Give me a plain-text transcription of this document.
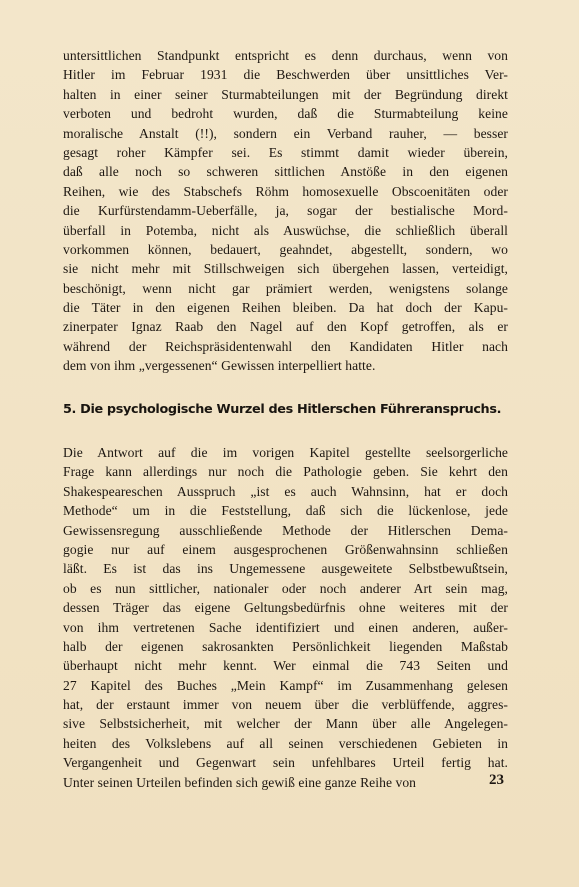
untersittlichen Standpunkt entspricht es denn durchaus, wenn von
Hitler im Februar 1931 die Beschwerden über unsittliches Ver-
halten in einer seiner Sturmabteilungen mit der Begründung direkt
verboten und bedroht wurden, daß die Sturmabteilung keine
moralische Anstalt (!!), sondern ein Verband rauher, — besser
gesagt roher Kämpfer sei. Es stimmt damit wieder überein,
daß alle noch so schweren sittlichen Anstöße in den eigenen
Reihen, wie des Stabschefs Röhm homosexuelle Obscoenitäten oder
die Kurfürstendamm-Ueberfälle, ja, sogar der bestialische Mord-
überfall in Potemba, nicht als Auswüchse, die schließlich überall
vorkommen können, bedauert, geahndet, abgestellt, sondern, wo
sie nicht mehr mit Stillschweigen sich übergehen lassen, verteidigt,
beschönigt, wenn nicht gar prämiert werden, wenigstens solange
die Täter in den eigenen Reihen bleiben. Da hat doch der Kapu-
zinerpater Ignaz Raab den Nagel auf den Kopf getroffen, als er
während der Reichspräsidentenwahl den Kandidaten Hitler nach
dem von ihm „vergessenen“ Gewissen interpelliert hatte.
5. Die psychologische Wurzel des Hitlerschen Führeranspruchs.
Die Antwort auf die im vorigen Kapitel gestellte seelsorgerliche
Frage kann allerdings nur noch die Pathologie geben. Sie kehrt den
Shakespeareschen Ausspruch „ist es auch Wahnsinn, hat er doch
Methode“ um in die Feststellung, daß sich die lückenlose, jede
Gewissensregung ausschließende Methode der Hitlerschen Dema-
gogie nur auf einem ausgesprochenen Größenwahnsinn schließen
läßt. Es ist das ins Ungemessene ausgeweitete Selbstbewußtsein,
ob es nun sittlicher, nationaler oder noch anderer Art sein mag,
dessen Träger das eigene Geltungsbedürfnis ohne weiteres mit der
von ihm vertretenen Sache identifiziert und einen anderen, außer-
halb der eigenen sakrosankten Persönlichkeit liegenden Maßstab
überhaupt nicht mehr kennt. Wer einmal die 743 Seiten und
27 Kapitel des Buches „Mein Kampf“ im Zusammenhang gelesen
hat, der erstaunt immer von neuem über die verblüffende, aggres-
sive Selbstsicherheit, mit welcher der Mann über alle Angelegen-
heiten des Volkslebens auf all seinen verschiedenen Gebieten in
Vergangenheit und Gegenwart sein unfehlbares Urteil fertig hat.
Unter seinen Urteilen befinden sich gewiß eine ganze Reihe von	23
